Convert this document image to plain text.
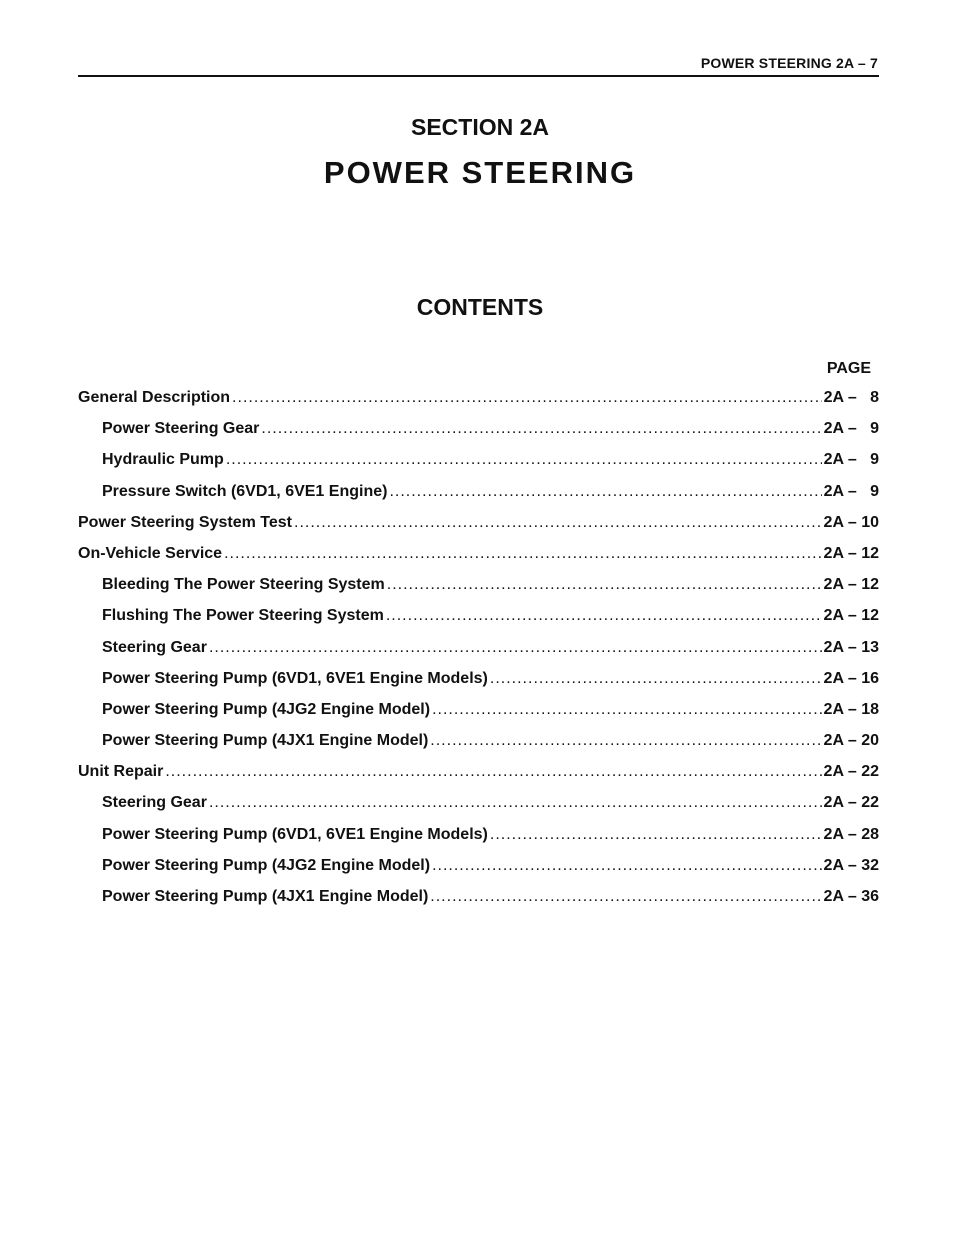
POWER STEERING 2A – 7
SECTION 2A
POWER STEERING
CONTENTS
PAGE
General Description .....	2A –   8
Power Steering Gear .....	2A –   9
Hydraulic Pump .....	2A –   9
Pressure Switch (6VD1, 6VE1 Engine) .....	2A –   9
Power Steering System Test .....	2A – 10
On-Vehicle Service .....	2A – 12
Bleeding The Power Steering System .....	2A – 12
Flushing The Power Steering System .....	2A – 12
Steering Gear .....	2A – 13
Power Steering Pump (6VD1, 6VE1 Engine Models) .....	2A – 16
Power Steering Pump (4JG2 Engine Model) .....	2A – 18
Power Steering Pump (4JX1 Engine Model) .....	2A – 20
Unit Repair .....	2A – 22
Steering Gear .....	2A – 22
Power Steering Pump (6VD1, 6VE1 Engine Models) .....	2A – 28
Power Steering Pump (4JG2 Engine Model) .....	2A – 32
Power Steering Pump (4JX1 Engine Model) .....	2A – 36
